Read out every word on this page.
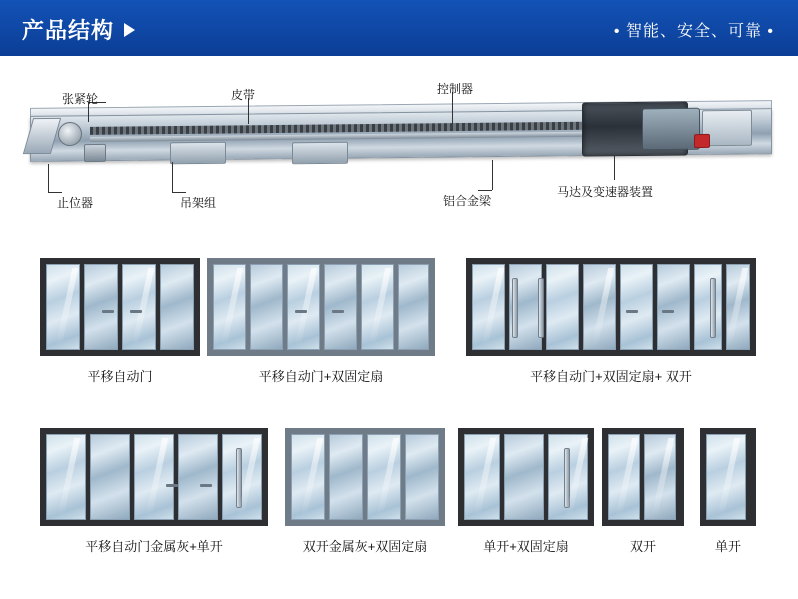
产品结构	• 智能、安全、可靠 •
张紧轮	皮带	控制器
止位器	吊架组	铝合金梁
马达及变速器装置
平移自动门	平移自动门+双固定扇	平移自动门+双固定扇+ 双开
平移自动门金属灰+单开	双开金属灰+双固定扇	单开+双固定扇	双开	单开
